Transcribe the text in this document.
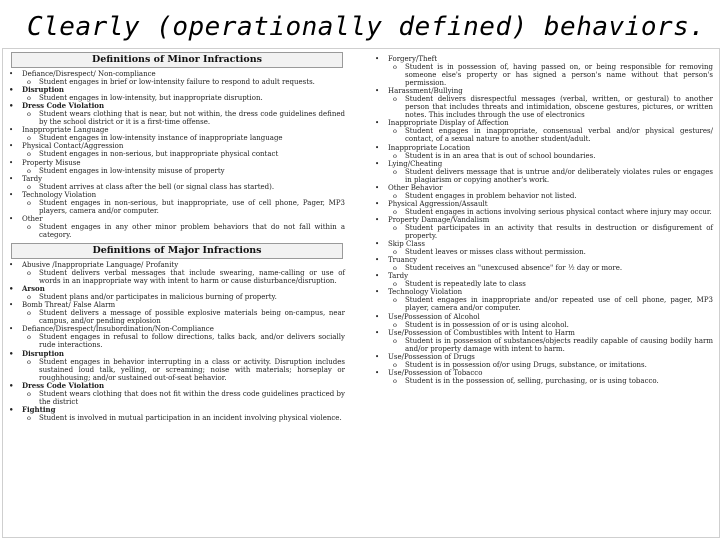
Clearly (operationally defined) behaviors.
Definitions of Minor Infractions
• Defiance/Disrespect/ Non-compliance
o Student engages in brief or low-intensity failure to respond to adult requests.
• Disruption
o Student engages in low-intensity, but inappropriate disruption.
• Dress Code Violation
o Student wears clothing that is near, but not within, the dress code guidelines defined by the school district or it is a first-time offense.
• Inappropriate Language
o Student engages in low-intensity instance of inappropriate language
• Physical Contact/Aggression
o Student engages in non-serious, but inappropriate physical contact
• Property Misuse
o Student engages in low-intensity misuse of property
• Tardy
o Student arrives at class after the bell (or signal class has started).
• Technology Violation
o Student engages in non-serious, but inappropriate, use of cell phone, Pager, MP3 players, camera and/or computer.
• Other
o Student engages in any other minor problem behaviors that do not fall within a category.
Definitions of Major Infractions
• Abusive /Inappropriate Language/ Profanity
o Student delivers verbal messages that include swearing, name-calling or use of words in an inappropriate way with intent to harm or cause disturbance/disruption.
• Arson
o Student plans and/or participates in malicious burning of property.
• Bomb Threat/ False Alarm
o Student delivers a message of possible explosive materials being on-campus, near campus, and/or pending explosion
• Defiance/Disrespect/Insubordination/Non-Compliance
o Student engages in refusal to follow directions, talks back, and/or delivers socially rude interactions.
• Disruption
o Student engages in behavior interrupting in a class or activity. Disruption includes sustained loud talk, yelling, or screaming; noise with materials; horseplay or roughhousing; and/or sustained out-of-seat behavior.
• Dress Code Violation
o Student wears clothing that does not fit within the dress code guidelines practiced by the district
• Fighting
o Student is involved in mutual participation in an incident involving physical violence.
• Forgery/Theft
o Student is in possession of, having passed on, or being responsible for removing someone else's property or has signed a person's name without that person's permission.
• Harassment/Bullying
o Student delivers disrespectful messages (verbal, written, or gestural) to another person that includes threats and intimidation, obscene gestures, pictures, or written notes. This includes through the use of electronics
• Inappropriate Display of Affection
o Student engages in inappropriate, consensual verbal and/or physical gestures/ contact, of a sexual nature to another student/adult.
• Inappropriate Location
o Student is in an area that is out of school boundaries.
• Lying/Cheating
o Student delivers message that is untrue and/or deliberately violates rules or engages in plagiarism or copying another's work.
• Other Behavior
o Student engages in problem behavior not listed.
• Physical Aggression/Assault
o Student engages in actions involving serious physical contact where injury may occur.
• Property Damage/Vandalism
o Student participates in an activity that results in destruction or disfigurement of property.
• Skip Class
o Student leaves or misses class without permission.
• Truancy
o Student receives an "unexcused absence" for ½ day or more.
• Tardy
o Student is repeatedly late to class
• Technology Violation
o Student engages in inappropriate and/or repeated use of cell phone, pager, MP3 player, camera and/or computer.
• Use/Possession of Alcohol
o Student is in possession of or is using alcohol.
• Use/Possession of Combustibles with Intent to Harm
o Student is in possession of substances/objects readily capable of causing bodily harm and/or property damage with intent to harm.
• Use/Possession of Drugs
o Student is in possession of/or using Drugs, substance, or imitations.
• Use/Possession of Tobacco
o Student is in the possession of, selling, purchasing, or is using tobacco.
